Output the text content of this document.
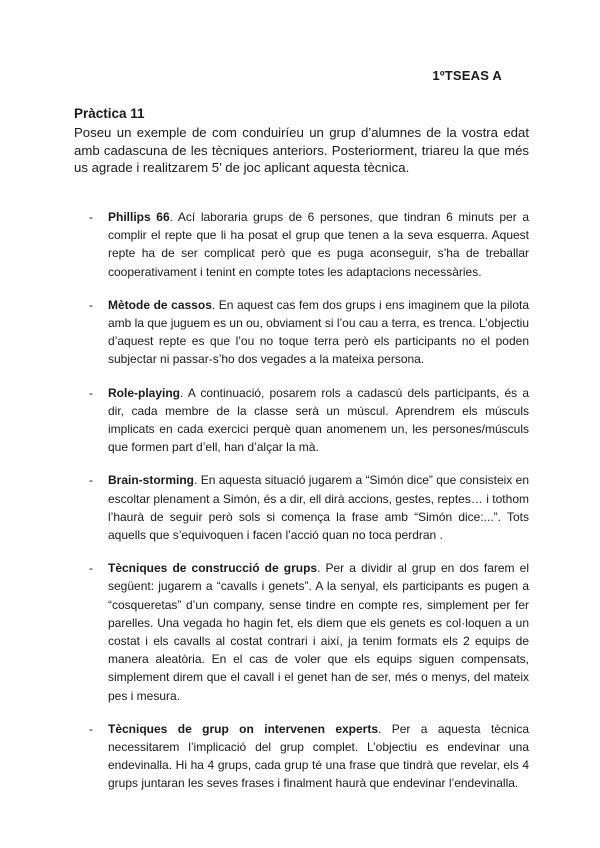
1ºTSEAS A
Pràctica 11
Poseu un exemple de com conduiríeu un grup d’alumnes de la vostra edat amb cadascuna de les tècniques anteriors. Posteriorment, triareu la que més us agrade i realitzarem 5’ de joc aplicant aquesta tècnica.
-	Phillips 66. Ací laboraria grups de 6 persones, que tindran 6 minuts per a complir el repte que li ha posat el grup que tenen a la seva esquerra. Aquest repte ha de ser complicat però que es puga aconseguir, s’ha de treballar cooperativament i tenint en compte totes les adaptacions necessàries.
-	Mètode de cassos. En aquest cas fem dos grups i ens imaginem que la pilota amb la que juguem es un ou, obviament si l’ou cau a terra, es trenca. L’objectiu d’aquest repte es que l’ou no toque terra però els participants no el poden subjectar ni passar-s’ho dos vegades a la mateixa persona.
-	Role-playing. A continuació, posarem rols a cadascú dels participants, és a dir, cada membre de la classe serà un múscul. Aprendrem els músculs implicats en cada exercici perquè quan anomenem un, les persones/músculs que formen part d’ell, han d’alçar la mà.
-	Brain-storming. En aquesta situació jugarem a “Simón dice” que consisteix en escoltar plenament a Simón, és a dir, ell dirà accions, gestes, reptes… i tothom l’haurà de seguir però sols si comença la frase amb “Simón dice:...”. Tots aquells que s’equivoquen i facen l’acció quan no toca perdran .
-	Tècniques de construcció de grups. Per a dividir al grup en dos farem el següent: jugarem a “cavalls i genets”. A la senyal, els participants es pugen a “cosqueretas” d’un company, sense tindre en compte res, simplement per fer parelles. Una vegada ho hagin fet, els diem que els genets es col·loquen a un costat i els cavalls al costat contrari i així, ja tenim formats els 2 equips de manera aleatòria. En el cas de voler que els equips siguen compensats, simplement direm que el cavall i el genet han de ser, més o menys, del mateix pes i mesura.
-	Tècniques de grup on intervenen experts. Per a aquesta tècnica necessitarem l’implicació del grup complet. L’objectiu es endevinar una endevinalla. Hi ha 4 grups, cada grup té una frase que tindrà que revelar, els 4 grups juntaran les seves frases i finalment haurà que endevinar l’endevinalla.
